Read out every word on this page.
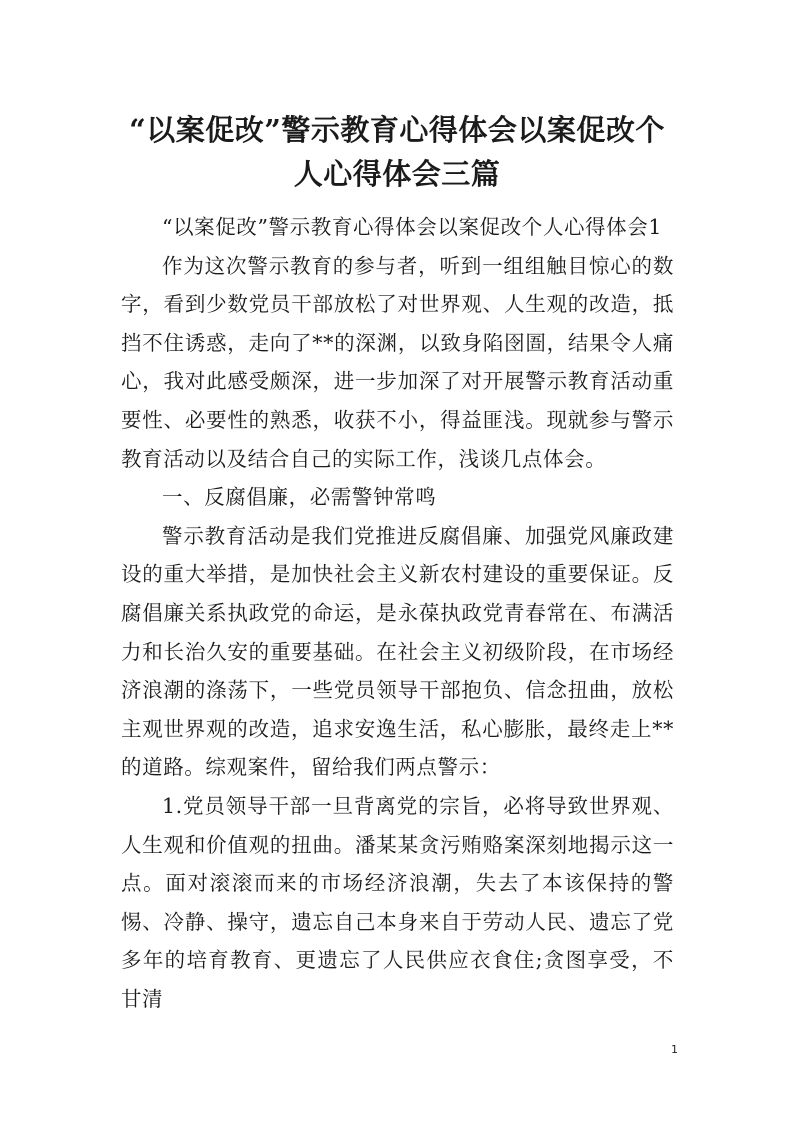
“以案促改”警示教育心得体会以案促改个人心得体会三篇

“以案促改”警示教育心得体会以案促改个人心得体会1

作为这次警示教育的参与者，听到一组组触目惊心的数字，看到少数党员干部放松了对世界观、人生观的改造，抵挡不住诱惑，走向了**的深渊，以致身陷囹圄，结果令人痛心，我对此感受颇深，进一步加深了对开展警示教育活动重要性、必要性的熟悉，收获不小，得益匪浅。现就参与警示教育活动以及结合自己的实际工作，浅谈几点体会。

一、反腐倡廉，必需警钟常鸣

警示教育活动是我们党推进反腐倡廉、加强党风廉政建设的重大举措，是加快社会主义新农村建设的重要保证。反腐倡廉关系执政党的命运，是永葆执政党青春常在、布满活力和长治久安的重要基础。在社会主义初级阶段，在市场经济浪潮的涤荡下，一些党员领导干部抱负、信念扭曲，放松主观世界观的改造，追求安逸生活，私心膨胀，最终走上**的道路。综观案件，留给我们两点警示：

1.党员领导干部一旦背离党的宗旨，必将导致世界观、人生观和价值观的扭曲。潘某某贪污贿赂案深刻地揭示这一点。面对滚滚而来的市场经济浪潮，失去了本该保持的警惕、冷静、操守，遗忘自己本身来自于劳动人民、遗忘了党多年的培育教育、更遗忘了人民供应衣食住;贪图享受，不甘清

1
